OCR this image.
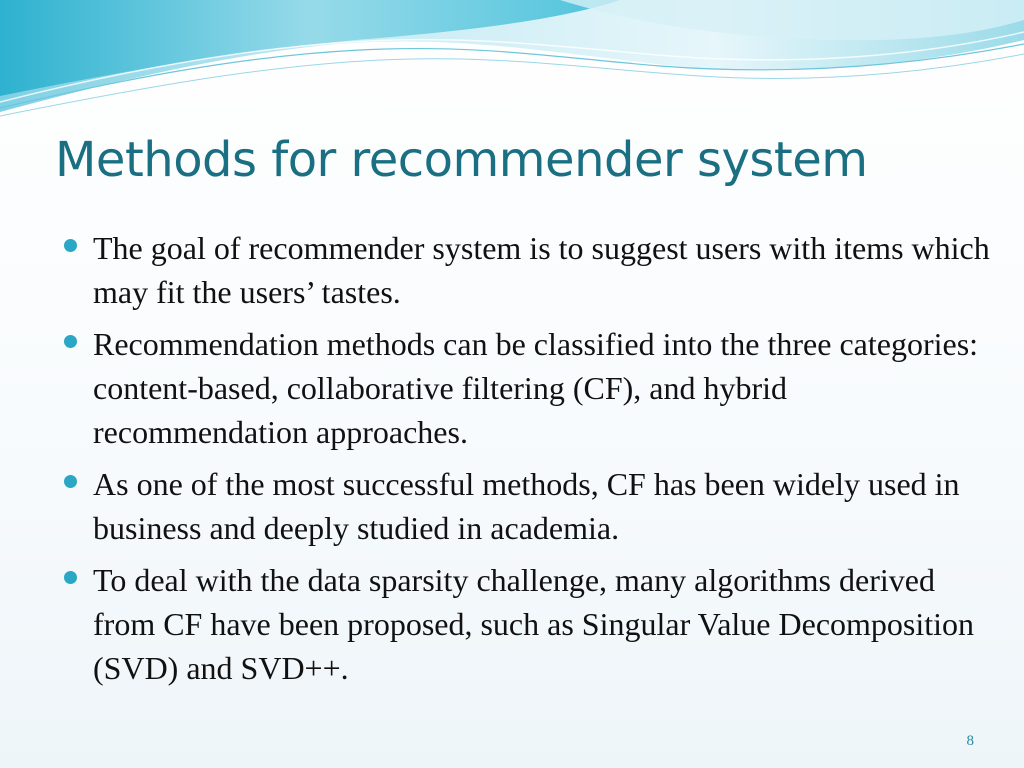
Methods for recommender system
The goal of recommender system is to suggest users with items which may fit the users’ tastes.
Recommendation methods can be classified into the three categories: content-based, collaborative filtering (CF), and hybrid recommendation approaches.
As one of the most successful methods, CF has been widely used in business and deeply studied in academia.
To deal with the data sparsity challenge, many algorithms derived from CF have been proposed, such as Singular Value Decomposition (SVD) and SVD++.
8
